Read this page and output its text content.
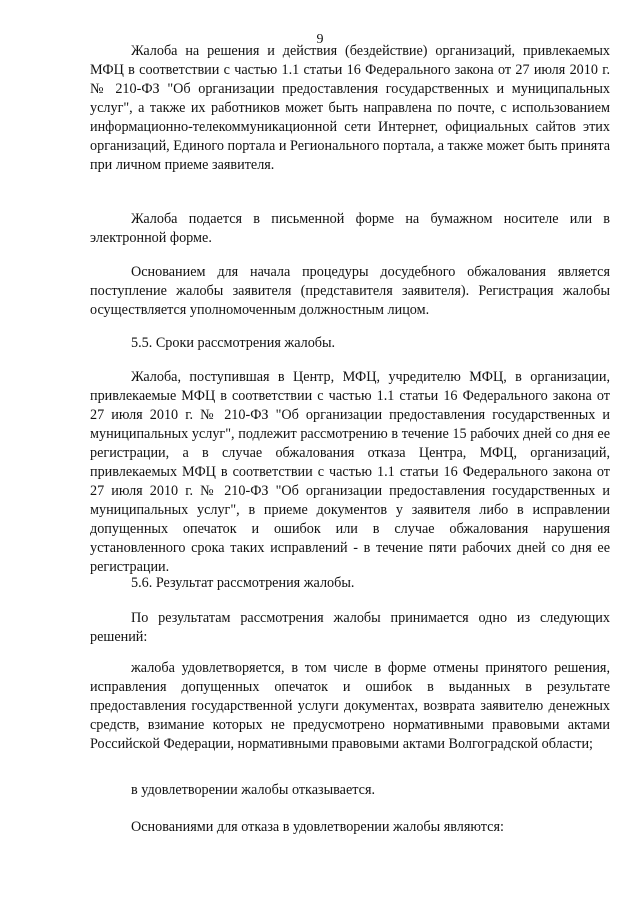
9

Жалоба на решения и действия (бездействие) организаций, привлекаемых МФЦ в соответствии с частью 1.1 статьи 16 Федерального закона от 27 июля 2010 г. № 210-ФЗ "Об организации предоставления государственных и муниципальных услуг", а также их работников может быть направлена по почте, с использованием информационно-телекоммуникационной сети Интернет, официальных сайтов этих организаций, Единого портала и Регионального портала, а также может быть принята при личном приеме заявителя.

Жалоба подается в письменной форме на бумажном носителе или в электронной форме.

Основанием для начала процедуры досудебного обжалования является поступление жалобы заявителя (представителя заявителя). Регистрация жалобы осуществляется уполномоченным должностным лицом.

5.5. Сроки рассмотрения жалобы.

Жалоба, поступившая в Центр, МФЦ, учредителю МФЦ, в организации, привлекаемые МФЦ в соответствии с частью 1.1 статьи 16 Федерального закона от 27 июля 2010 г. № 210-ФЗ "Об организации предоставления государственных и муниципальных услуг", подлежит рассмотрению в течение 15 рабочих дней со дня ее регистрации, а в случае обжалования отказа Центра, МФЦ, организаций, привлекаемых МФЦ в соответствии с частью 1.1 статьи 16 Федерального закона от 27 июля 2010 г. № 210-ФЗ "Об организации предоставления государственных и муниципальных услуг", в приеме документов у заявителя либо в исправлении допущенных опечаток и ошибок или в случае обжалования нарушения установленного срока таких исправлений - в течение пяти рабочих дней со дня ее регистрации.

5.6. Результат рассмотрения жалобы.

По результатам рассмотрения жалобы принимается одно из следующих решений:

жалоба удовлетворяется, в том числе в форме отмены принятого решения, исправления допущенных опечаток и ошибок в выданных в результате предоставления государственной услуги документах, возврата заявителю денежных средств, взимание которых не предусмотрено нормативными правовыми актами Российской Федерации, нормативными правовыми актами Волгоградской области;

в удовлетворении жалобы отказывается.

Основаниями для отказа в удовлетворении жалобы являются:
